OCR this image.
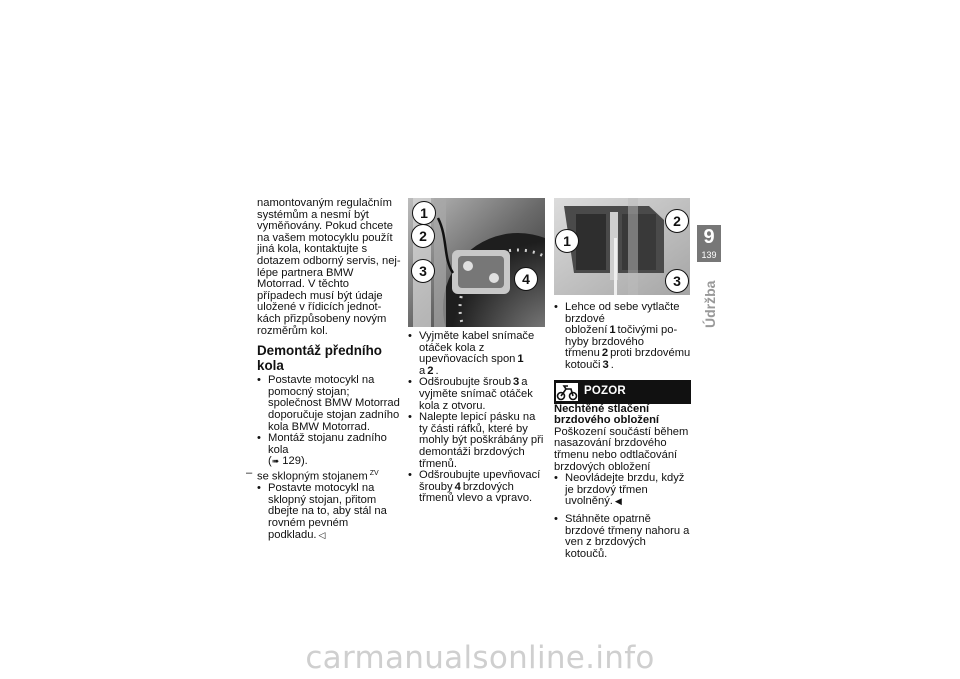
namontovaným regulačním systémům a nesmí být vyměňovány. Pokud chcete na vašem motocyklu použít jiná kola, kontaktujte s dotazem odborný servis, nejlépe partnera BMW Motorrad. V těchto případech musí být údaje uložené v řídicích jednotkách přizpůsobeny novým rozměrům kol.

Demontáž předního kola
• Postavte motocykl na pomocný stojan; společnost BMW Motorrad doporučuje stojan zadního kola BMW Motorrad.
• Montáž stojanu zadního kola
(➠ 129).
– se sklopným stojanem $^{ZV}$
• Postavte motocykl na sklopný stojan, přitom dbejte na to, aby stál na rovném pevném podkladu. ◁
1
2
3	4
• Vyjměte kabel snímače otáček kola z upevňovacích spon 1
a 2 .
• Odšroubujte šroub 3 a vyjměte snímač otáček kola z otvoru.
• Nalepte lepicí pásku na ty části ráfků, které by mohly být poškrábány při demontáži brzdových třmenů.
• Odšroubujte upevňovací šrouby 4 brzdových třmenů vlevo a vpravo.
2
1
3
• Lehce od sebe vytlačte brzdové obložení 1 točivými pohyby brzdového třmenu 2 proti brzdovému kotouči 3 .
POZOR

Nechtěné stlačení brzdového obložení

Poškození součástí během nasazování brzdového třmenu nebo odtlačování brzdových obložení

• Neovládejte brzdu, když je brzdový třmen uvolněný. ◀
• Stáhněte opatrně brzdové třmeny nahoru a ven z brzdových kotoučů.
9
139
Údržba
carmanualsonline.info
